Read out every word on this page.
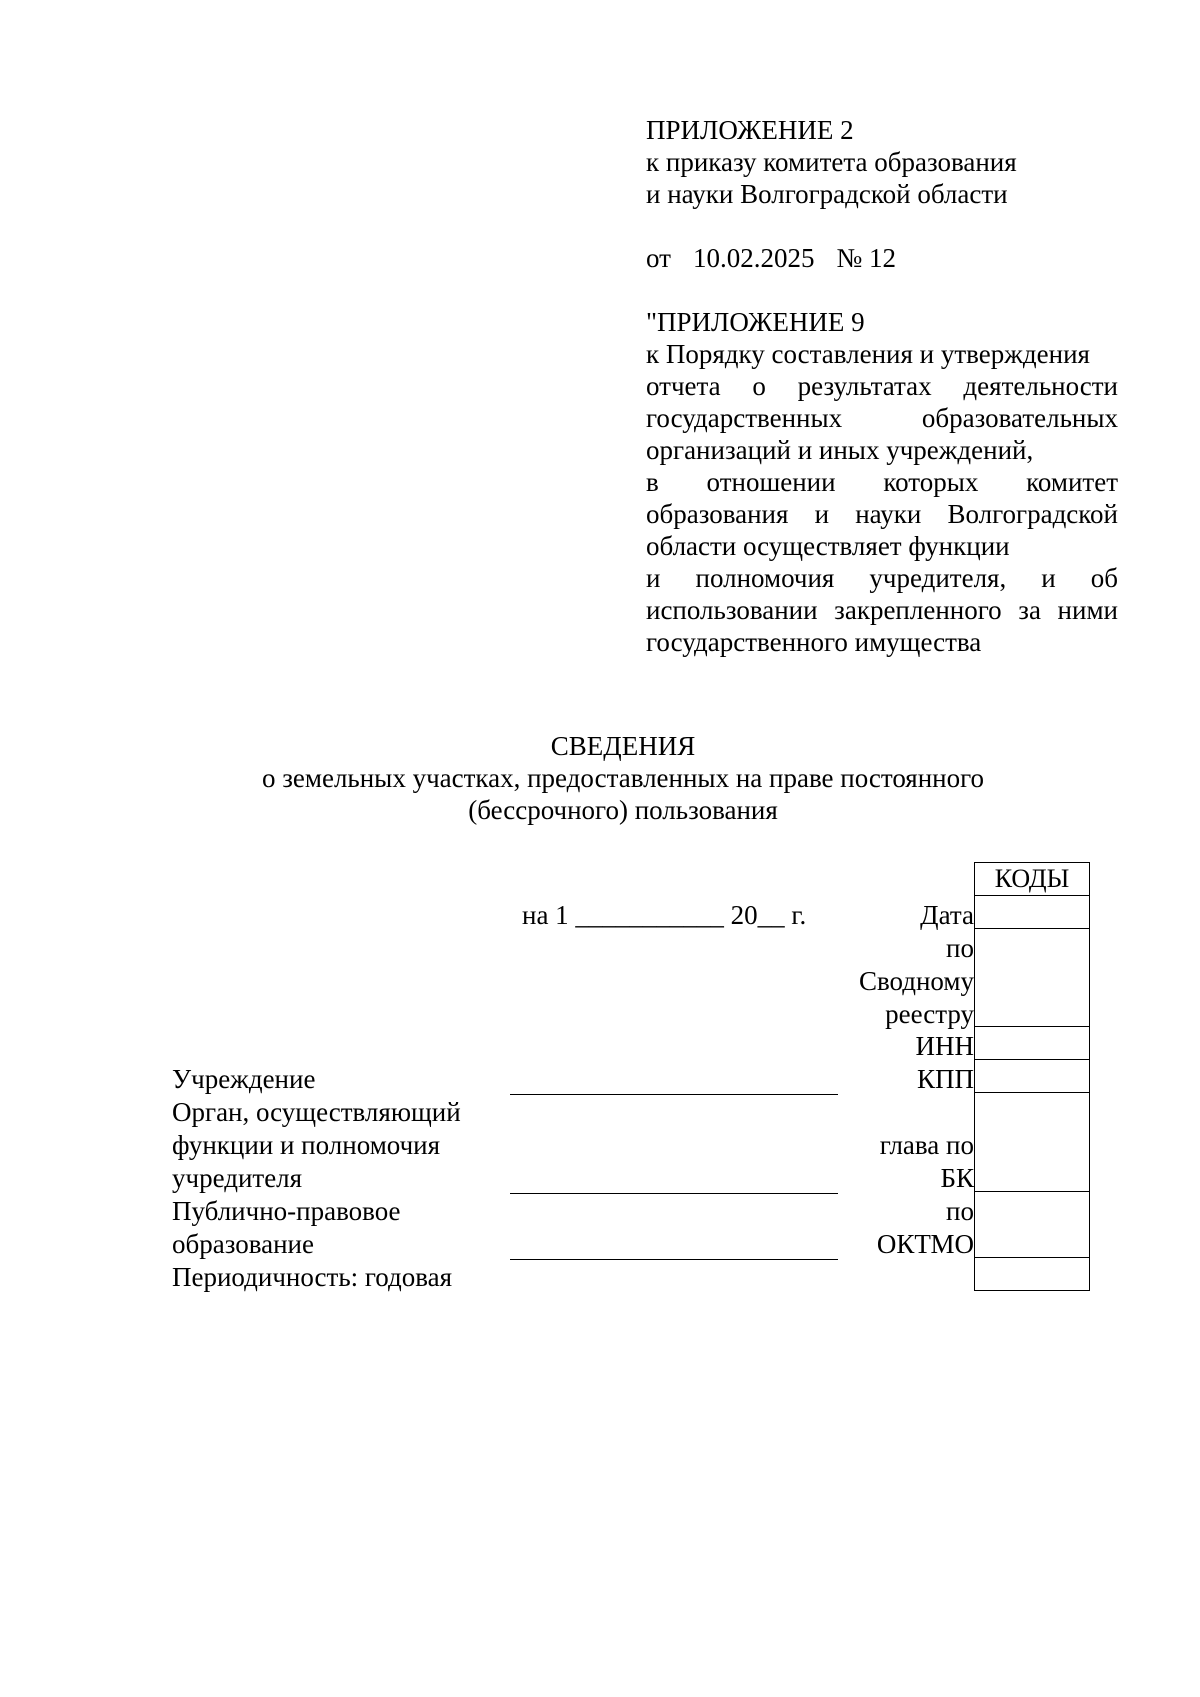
ПРИЛОЖЕНИЕ 2
к приказу комитета образования
и науки Волгоградской области
от 10.02.2025 № 12
"ПРИЛОЖЕНИЕ 9
к Порядку составления и утверждения
отчета о результатах деятельности
государственных образовательных
организаций и иных учреждений,
в отношении которых комитет
образования и науки Волгоградской
области осуществляет функции
и полномочия учредителя, и об
использовании закрепленного за ними
государственного имущества
СВЕДЕНИЯ
о земельных участках, предоставленных на праве постоянного
(бессрочного) пользования
на 1 ___________ 20__ г.
Учреждение
Орган, осуществляющий
функции и полномочия
учредителя
Публично-правовое
образование
Периодичность: годовая
Дата
по
Сводному
реестру
ИНН
КПП
глава по
БК
по
ОКТМО
КОДЫ
